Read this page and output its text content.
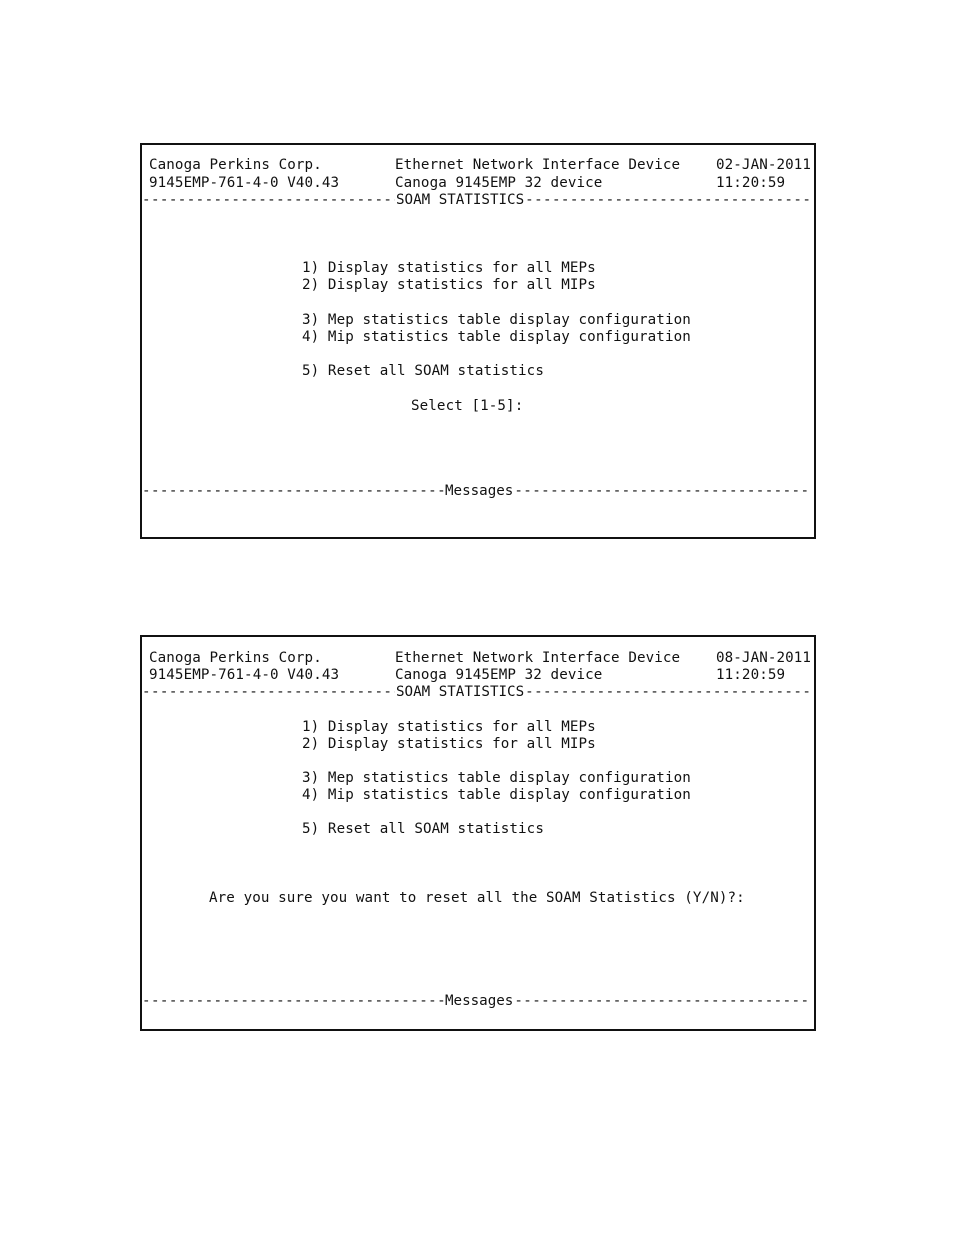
Canoga Perkins Corp.	Ethernet Network Interface Device	02-JAN-2011
9145EMP-761-4-0 V40.43	Canoga 9145EMP 32 device	11:20:59
-----
SOAM STATISTICS
-----
1) Display statistics for all MEPs
2) Display statistics for all MIPs
3) Mep statistics table display configuration
4) Mip statistics table display configuration
5) Reset all SOAM statistics
Select [1-5]:
-----
Messages
-----
Canoga Perkins Corp.	Ethernet Network Interface Device	08-JAN-2011
9145EMP-761-4-0 V40.43	Canoga 9145EMP 32 device	11:20:59
-----
SOAM STATISTICS
-----
1) Display statistics for all MEPs
2) Display statistics for all MIPs
3) Mep statistics table display configuration
4) Mip statistics table display configuration
5) Reset all SOAM statistics
Are you sure you want to reset all the SOAM Statistics (Y/N)?:
-----
Messages
-----
